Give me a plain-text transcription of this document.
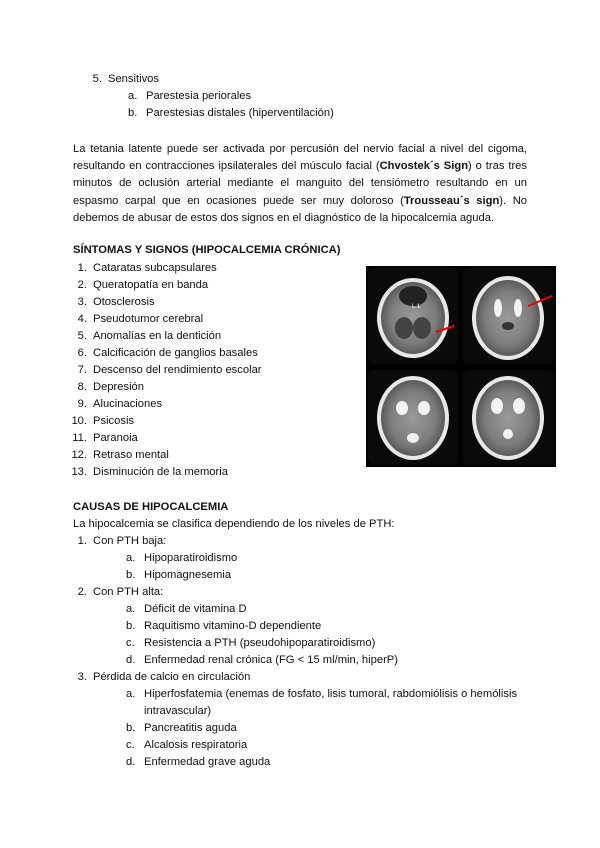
5. Sensitivos
a. Parestesia periorales
b. Parestesias distales (hiperventilación)
La tetania latente puede ser activada por percusión del nervio facial a nivel del cigoma, resultando en contracciones ipsilaterales del músculo facial (Chvostek´s Sign) o tras tres minutos de oclusión arterial mediante el manguito del tensiómetro resultando en un espasmo carpal que en ocasiones puede ser muy doloroso (Trousseau´s sign). No debemos de abusar de estos dos signos en el diagnóstico de la hipocalcemia aguda.
SÍNTOMAS Y SIGNOS (HIPOCALCEMIA CRÓNICA)
1. Cataratas subcapsulares
2. Queratopatía en banda
3. Otosclerosis
4. Pseudotumor cerebral
5. Anomalías en la dentición
6. Calcificación de ganglios basales
7. Descenso del rendimiento escolar
8. Depresión
9. Alucinaciones
10. Psicosis
11. Paranoia
12. Retraso mental
13. Disminución de la memoria
L 1
CAUSAS DE HIPOCALCEMIA
La hipocalcemia se clasifica dependiendo de los niveles de PTH:
1. Con PTH baja:
a. Hipoparatiroidismo
b. Hipomagnesemia
2. Con PTH alta:
a. Déficit de vitamina D
b. Raquitismo vitamino-D dependiente
c. Resistencia a PTH (pseudohipoparatiroidismo)
d. Enfermedad renal crónica (FG < 15 ml/min, hiperP)
3. Pérdida de calcio en circulación
a. Hiperfosfatemia (enemas de fosfato, lisis tumoral, rabdomiólisis o hemólisis
intravascular)
b. Pancreatitis aguda
c. Alcalosis respiratoria
d. Enfermedad grave aguda
